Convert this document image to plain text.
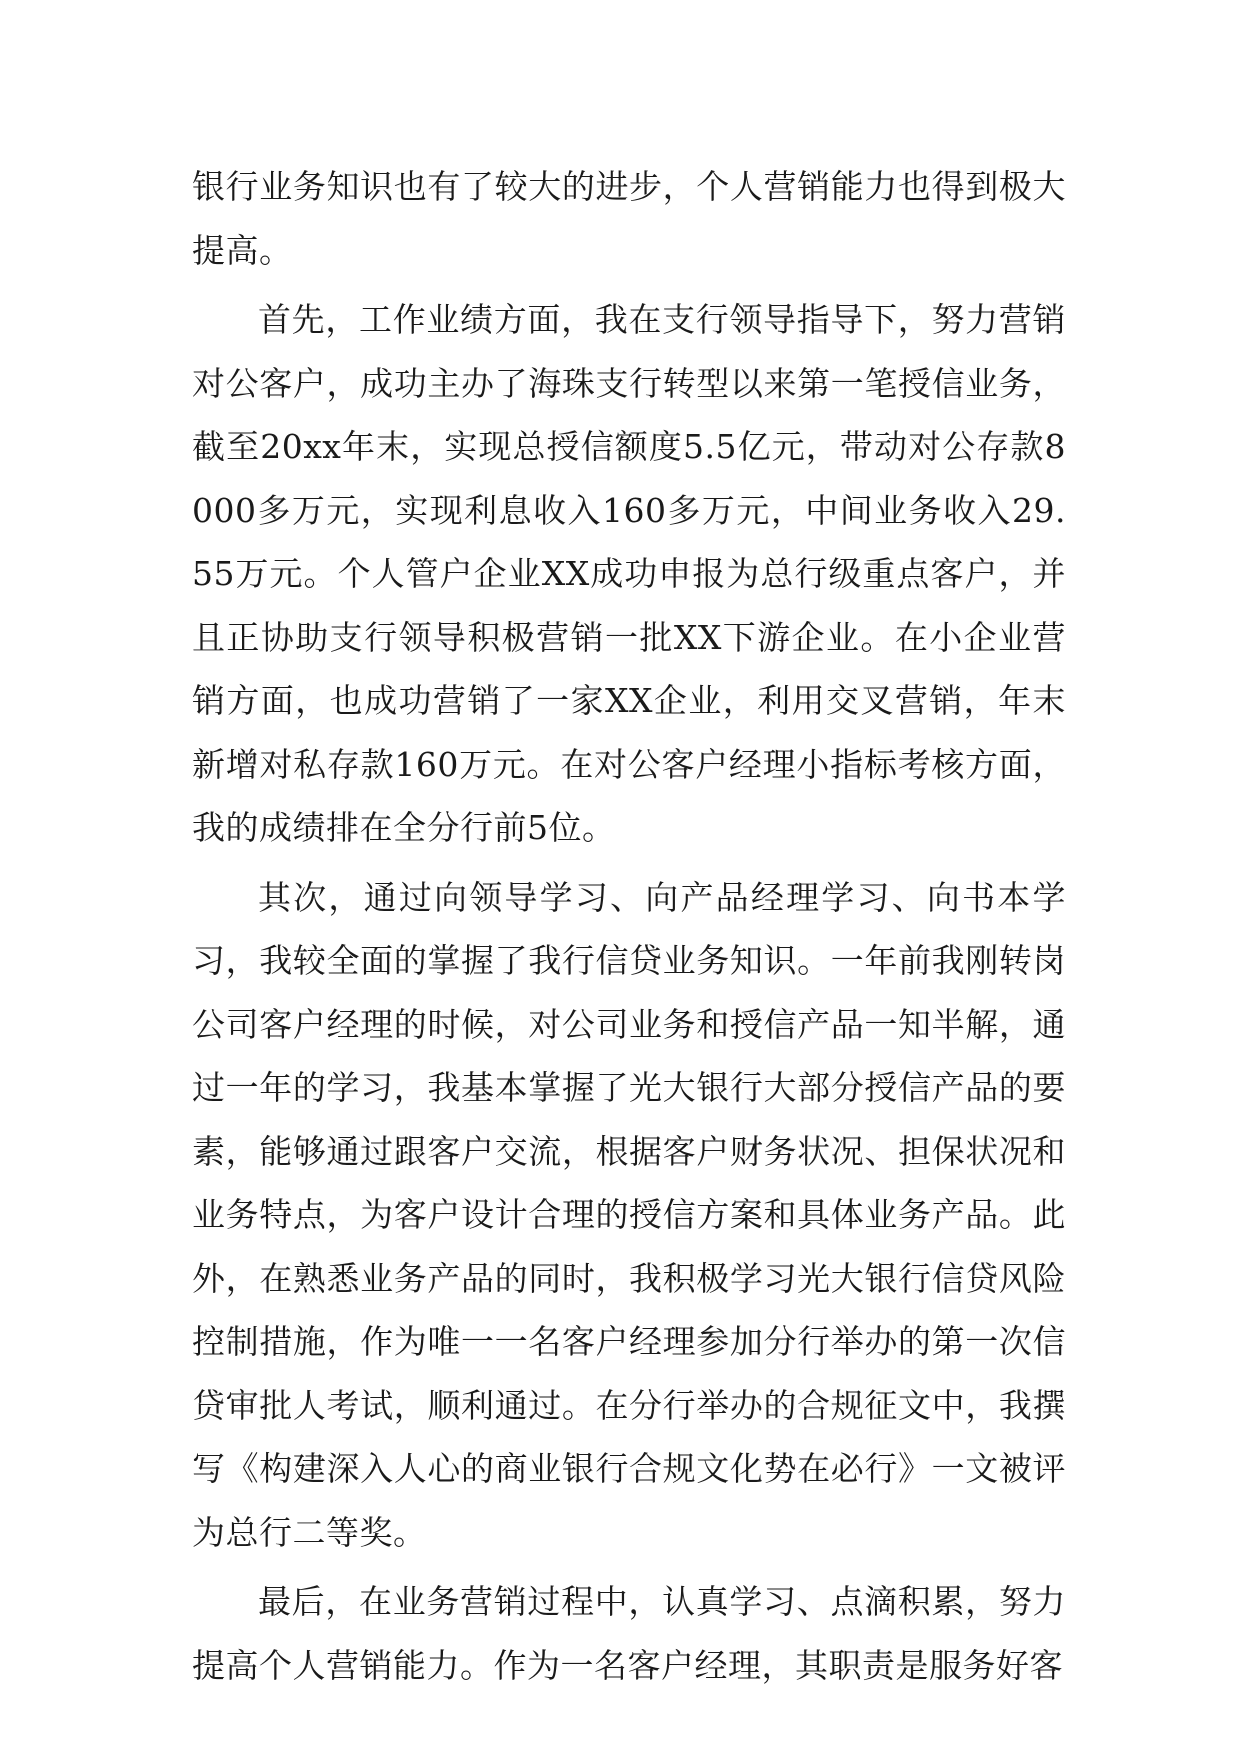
银行业务知识也有了较大的进步，个人营销能力也得到极大提高。

首先，工作业绩方面，我在支行领导指导下，努力营销对公客户，成功主办了海珠支行转型以来第一笔授信业务，截至20xx年末，实现总授信额度5.5亿元，带动对公存款8000多万元，实现利息收入160多万元，中间业务收入29.55万元。个人管户企业XX成功申报为总行级重点客户，并且正协助支行领导积极营销一批XX下游企业。在小企业营销方面，也成功营销了一家XX企业，利用交叉营销，年末新增对私存款160万元。在对公客户经理小指标考核方面，我的成绩排在全分行前5位。

其次，通过向领导学习、向产品经理学习、向书本学习，我较全面的掌握了我行信贷业务知识。一年前我刚转岗公司客户经理的时候，对公司业务和授信产品一知半解，通过一年的学习，我基本掌握了光大银行大部分授信产品的要素，能够通过跟客户交流，根据客户财务状况、担保状况和业务特点，为客户设计合理的授信方案和具体业务产品。此外，在熟悉业务产品的同时，我积极学习光大银行信贷风险控制措施，作为唯一一名客户经理参加分行举办的第一次信贷审批人考试，顺利通过。在分行举办的合规征文中，我撰写《构建深入人心的商业银行合规文化势在必行》一文被评为总行二等奖。

最后，在业务营销过程中，认真学习、点滴积累，努力提高个人营销能力。作为一名客户经理，其职责是服务好客
